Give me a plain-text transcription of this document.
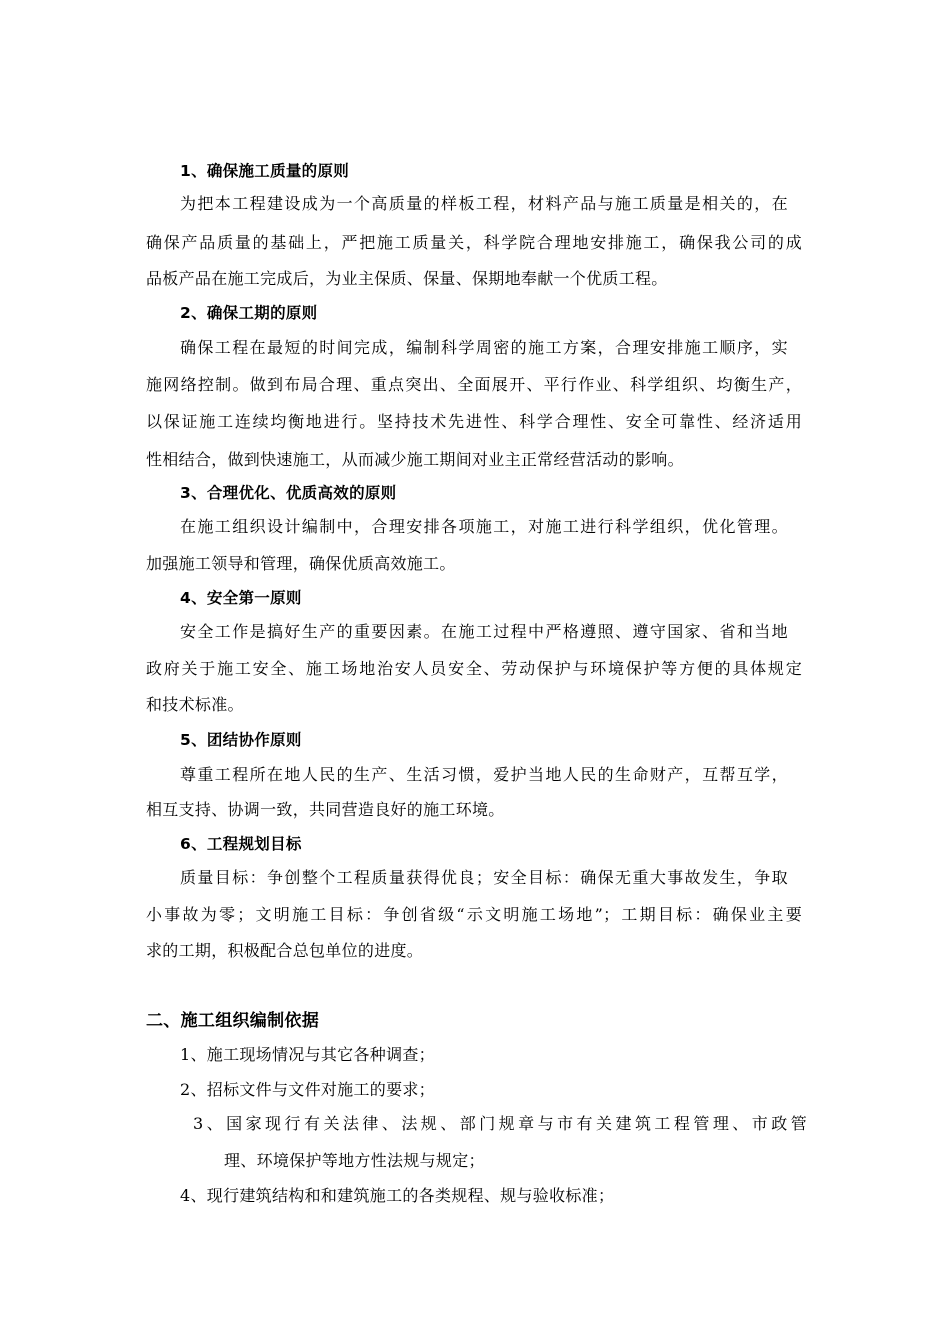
1、确保施工质量的原则
为把本工程建设成为一个高质量的样板工程，材料产品与施工质量是相关的，在
确保产品质量的基础上，严把施工质量关，科学院合理地安排施工，确保我公司的成
品板产品在施工完成后，为业主保质、保量、保期地奉献一个优质工程。
2、确保工期的原则
确保工程在最短的时间完成，编制科学周密的施工方案，合理安排施工顺序，实
施网络控制。做到布局合理、重点突出、全面展开、平行作业、科学组织、均衡生产，
以保证施工连续均衡地进行。坚持技术先进性、科学合理性、安全可靠性、经济适用
性相结合，做到快速施工，从而减少施工期间对业主正常经营活动的影响。
3、合理优化、优质高效的原则
在施工组织设计编制中，合理安排各项施工，对施工进行科学组织，优化管理。
加强施工领导和管理，确保优质高效施工。
4、安全第一原则
安全工作是搞好生产的重要因素。在施工过程中严格遵照、遵守国家、省和当地
政府关于施工安全、施工场地治安人员安全、劳动保护与环境保护等方便的具体规定
和技术标准。
5、团结协作原则
尊重工程所在地人民的生产、生活习惯，爱护当地人民的生命财产，互帮互学，
相互支持、协调一致，共同营造良好的施工环境。
6、工程规划目标
质量目标：争创整个工程质量获得优良；安全目标：确保无重大事故发生，争取
小事故为零；文明施工目标：争创省级“示文明施工场地”；工期目标：确保业主要
求的工期，积极配合总包单位的进度。
二、施工组织编制依据
1、施工现场情况与其它各种调查；
2、招标文件与文件对施工的要求；
3、国家现行有关法律、法规、部门规章与市有关建筑工程管理、市政管
理、环境保护等地方性法规与规定；
4、现行建筑结构和和建筑施工的各类规程、规与验收标准；
